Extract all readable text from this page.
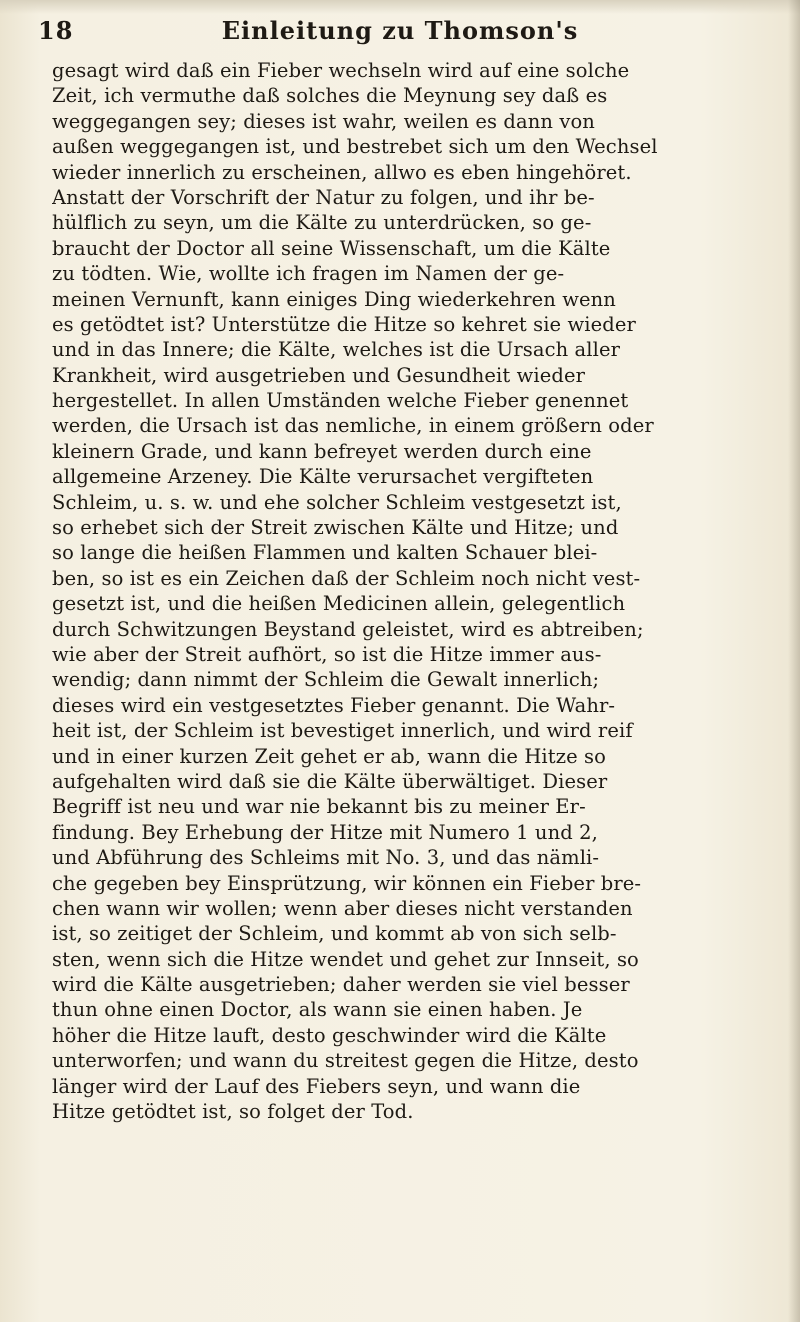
18	Einleitung zu Thomson's
gesagt wird daß ein Fieber wechseln wird auf eine solche
Zeit, ich vermuthe daß solches die Meynung sey daß es
weggegangen sey; dieses ist wahr, weilen es dann von
außen weggegangen ist, und bestrebet sich um den Wechsel
wieder innerlich zu erscheinen, allwo es eben hingehöret.
Anstatt der Vorschrift der Natur zu folgen, und ihr be-
hülflich zu seyn, um die Kälte zu unterdrücken, so ge-
braucht der Doctor all seine Wissenschaft, um die Kälte
zu tödten. Wie, wollte ich fragen im Namen der ge-
meinen Vernunft, kann einiges Ding wiederkehren wenn
es getödtet ist? Unterstütze die Hitze so kehret sie wieder
und in das Innere; die Kälte, welches ist die Ursach aller
Krankheit, wird ausgetrieben und Gesundheit wieder
hergestellet. In allen Umständen welche Fieber genennet
werden, die Ursach ist das nemliche, in einem größern oder
kleinern Grade, und kann befreyet werden durch eine
allgemeine Arzeney. Die Kälte verursachet vergifteten
Schleim, u. s. w. und ehe solcher Schleim vestgesetzt ist,
so erhebet sich der Streit zwischen Kälte und Hitze; und
so lange die heißen Flammen und kalten Schauer blei-
ben, so ist es ein Zeichen daß der Schleim noch nicht vest-
gesetzt ist, und die heißen Medicinen allein, gelegentlich
durch Schwitzungen Beystand geleistet, wird es abtreiben;
wie aber der Streit aufhört, so ist die Hitze immer aus-
wendig; dann nimmt der Schleim die Gewalt innerlich;
dieses wird ein vestgesetztes Fieber genannt. Die Wahr-
heit ist, der Schleim ist bevestiget innerlich, und wird reif
und in einer kurzen Zeit gehet er ab, wann die Hitze so
aufgehalten wird daß sie die Kälte überwältiget. Dieser
Begriff ist neu und war nie bekannt bis zu meiner Er-
findung. Bey Erhebung der Hitze mit Numero 1 und 2,
und Abführung des Schleims mit No. 3, und das nämli-
che gegeben bey Einsprützung, wir können ein Fieber bre-
chen wann wir wollen; wenn aber dieses nicht verstanden
ist, so zeitiget der Schleim, und kommt ab von sich selb-
sten, wenn sich die Hitze wendet und gehet zur Innseit, so
wird die Kälte ausgetrieben; daher werden sie viel besser
thun ohne einen Doctor, als wann sie einen haben. Je
höher die Hitze lauft, desto geschwinder wird die Kälte
unterworfen; und wann du streitest gegen die Hitze, desto
länger wird der Lauf des Fiebers seyn, und wann die
Hitze getödtet ist, so folget der Tod.
